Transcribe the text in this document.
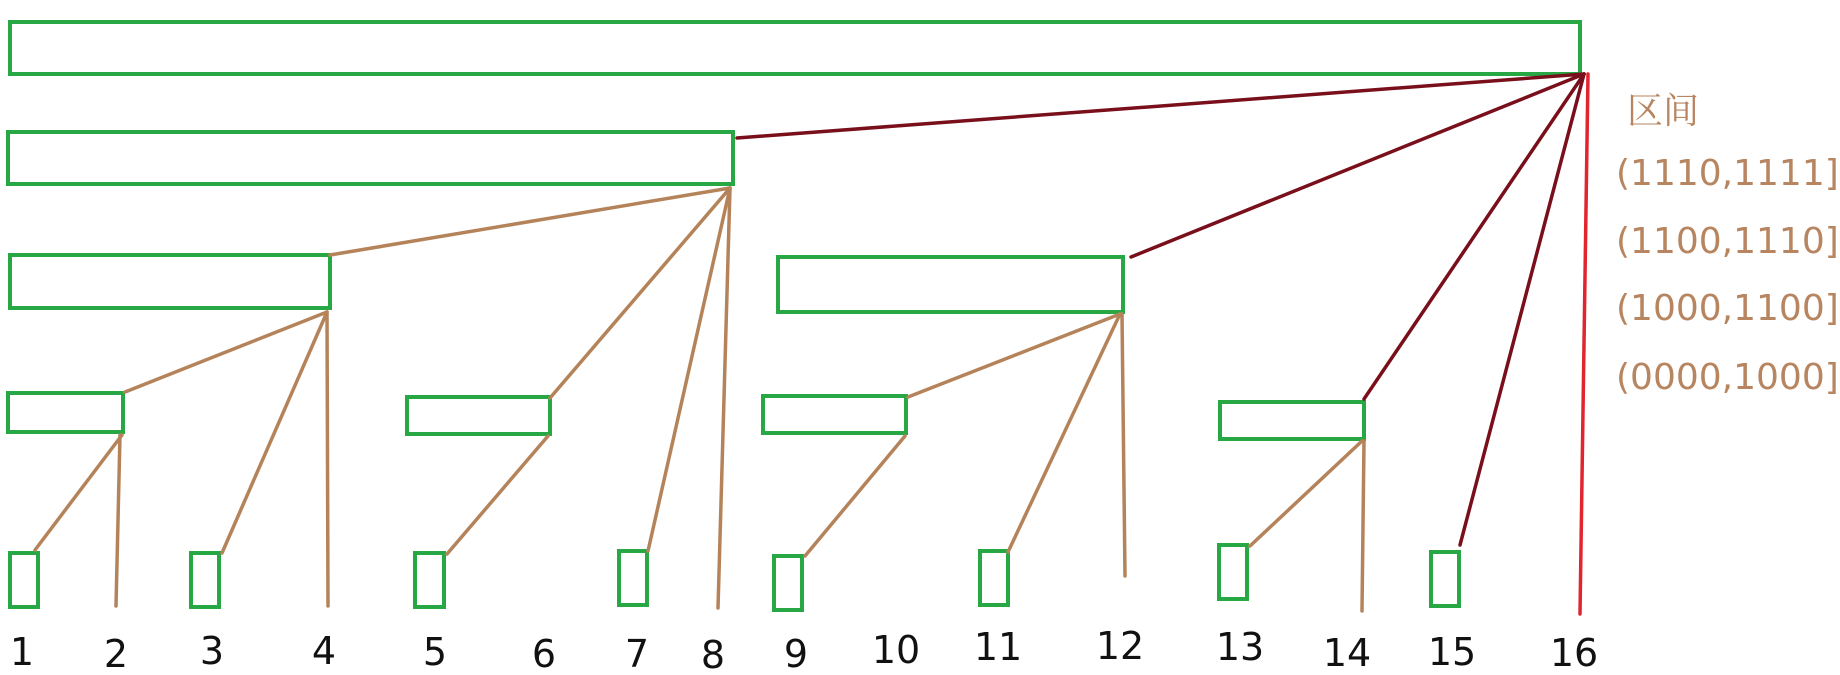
1 2 3 4 5 6 7 8 9 10 11 12 13 14 15 16
区间
(1110,1111]
(1100,1110]
(1000,1100]
(0000,1000]
